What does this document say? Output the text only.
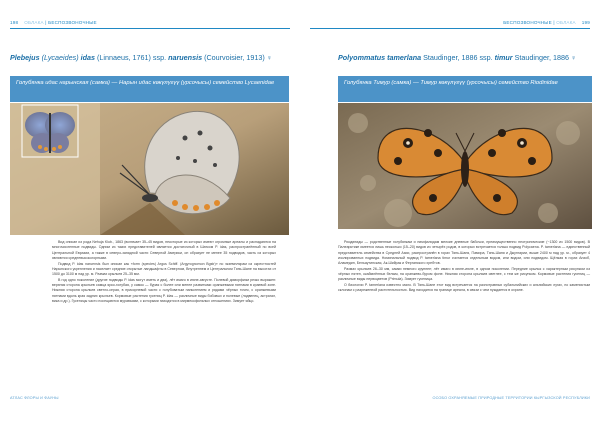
198 ОБЛАКА | БЕСПОЗВОНОЧНЫЕ
Plebejus (Lycaeides) idas (Linnaeus, 1761) ssp. naruensis (Courvoisier, 1913) ♀
Голубянка идас нарынская (самка) — Нарын идас көкүлүгүү (урсочысы) семейство Lycaenidae

Вид описан из рода Nehuja Klub., 1863 (включает 35–45 видов, некоторые из которых имеют огромные ареалы и распадаются на многочисленные подвиды. Одним из таких представителей является достаточный в Шатком P. idas, распространённый по всей Центральной Евразии, а также в северо-западной части Северной Америки, он образует не менее 35 подвидов, часть из которых являются средневысокогорными.

Подвид P. idas naruensis был описан как «form (species) Argus Schiff. (Argyrognomon Bgstr)» по экземплярам из окрестностей Нарынского укрепления и населяет средние открытые ландшафты в Северном, Внутреннем и Центральном Тянь-Шане на высотах от 1500 до 3100 м над ур. м. Размах крыльев 25–35 мм.

В год одно поколение (другие подвиды P. idas могут иметь и два), лёт имаго в июне-августе. Полевой диморфизм резко выражен: верхняя сторона крыльев самца ярко-голубая, у самок — бурая с более или менее развитыми оранжевыми пятнами в краевой зоне. Нижняя сторона крыльев светло-серая, в прикорневой части с голубоватым напылением и рядами чёрных точек, с оранжевыми пятнами вдоль края задних крыльев. Кормовые растения гусениц P. idas — различные виды бобовых и полевые (лядвенец, астрагал, вика и др.). Гусеницы часто посещаются муравьями, с которыми находятся в мирмекофильных отношениях. Зимует яйцо.

АТЛАС ФЛОРЫ И ФАУНЫ
БЕСПОЗВОНОЧНЫЕ | ОБЛАКА 199
Polyommatus tamerlana Staudinger, 1886 ssp. timur Staudinger, 1886 ♀
Голубянка Тимур (самка) — Тимур көкүлүгүү (урсочысы) семейство Riodinidae

Риодиниды — родственные голубянкам и нимфалидам мелкие дневные бабочки, преимущественно неотропические (~1300 из 1500 видов). В Палеарктике имеется лишь несколько (15–20) видов из четырёх родов, в которых встречается только подвид Polycaena. P. tamerlana — единственный представитель семейства в Средней Азии, распространён в горах Тянь-Шаня, Памира, Тянь-Шаня и Джунгарии, выше 2400 м над ур. м., образует 4 изолированных подвида. Номинальный подвид P. tamerlana timur считается отдельным видом, или видом, или подвидом. Щёлкая в горах Анзоб, Аламедин, Бельаутинская, Ак-Шийрак и Ферганского хребтов.

Размах крыльев 26–30 мм, самки немного крупнее; лёт имаго в июне-июле, в одном поколении. Передние крылья с характерным рисунком из чёрных пятен, окаймлённых белым, на оранжево-буром фоне. Нижняя сторона крыльев светлее, с тем же рисунком. Кормовые растения гусениц — различные виды первоцветов (Primula). Зимует гусеница.

О биологии P. tamerlana известно мало. В Тянь-Шане этот вид встречается на разнотравных субальпийских и альпийских лугах, по каменистым склонам с разреженной растительностью. Вид находится на границе ареала, в связи с чем нуждается в охране.

ОСОБО ОХРАНЯЕМЫЕ ПРИРОДНЫЕ ТЕРРИТОРИИ КЫРГЫЗСКОЙ РЕСПУБЛИКИ
